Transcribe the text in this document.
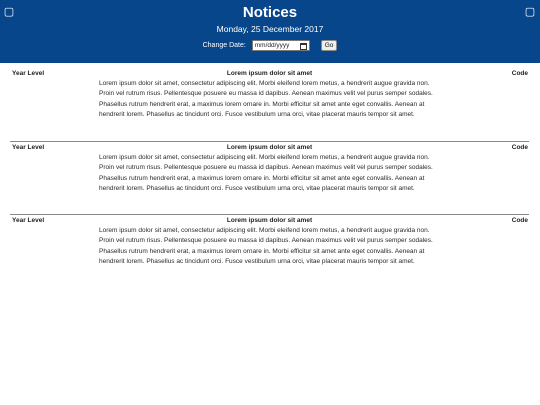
▢	Notices	▢
Monday, 25 December 2017
Change Date: mm/dd/yyyy	Go
Year Level	Lorem ipsum dolor sit amet	Code
Lorem ipsum dolor sit amet, consectetur adipiscing elit. Morbi eleifend lorem metus, a hendrerit augue gravida non. Proin vel rutrum risus. Pellentesque posuere eu massa id dapibus. Aenean maximus velit vel purus semper sodales. Phasellus rutrum hendrerit erat, a maximus lorem ornare in. Morbi efficitur sit amet ante eget convallis. Aenean at hendrerit lorem. Phasellus ac tincidunt orci. Fusce vestibulum urna orci, vitae placerat mauris tempor sit amet.
Year Level	Lorem ipsum dolor sit amet	Code
Lorem ipsum dolor sit amet, consectetur adipiscing elit. Morbi eleifend lorem metus, a hendrerit augue gravida non. Proin vel rutrum risus. Pellentesque posuere eu massa id dapibus. Aenean maximus velit vel purus semper sodales. Phasellus rutrum hendrerit erat, a maximus lorem ornare in. Morbi efficitur sit amet ante eget convallis. Aenean at hendrerit lorem. Phasellus ac tincidunt orci. Fusce vestibulum urna orci, vitae placerat mauris tempor sit amet.
Year Level	Lorem ipsum dolor sit amet	Code
Lorem ipsum dolor sit amet, consectetur adipiscing elit. Morbi eleifend lorem metus, a hendrerit augue gravida non. Proin vel rutrum risus. Pellentesque posuere eu massa id dapibus. Aenean maximus velit vel purus semper sodales. Phasellus rutrum hendrerit erat, a maximus lorem ornare in. Morbi efficitur sit amet ante eget convallis. Aenean at hendrerit lorem. Phasellus ac tincidunt orci. Fusce vestibulum urna orci, vitae placerat mauris tempor sit amet.
